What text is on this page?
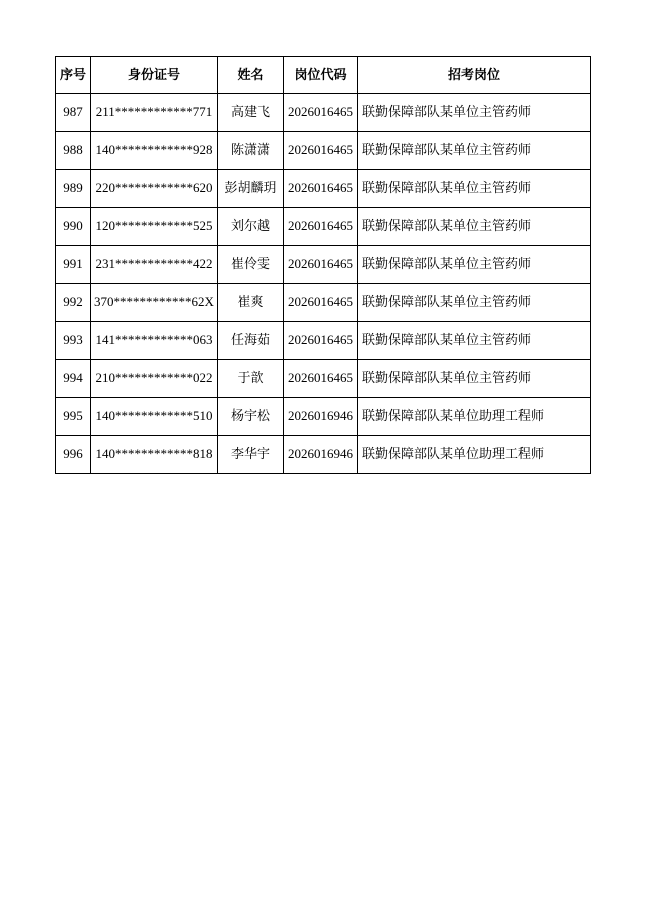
序号	身份证号	姓名	岗位代码	招考岗位
987	211************771	高建飞	2026016465	联勤保障部队某单位主管药师
988	140************928	陈潇潇	2026016465	联勤保障部队某单位主管药师
989	220************620	彭胡麟玥	2026016465	联勤保障部队某单位主管药师
990	120************525	刘尔越	2026016465	联勤保障部队某单位主管药师
991	231************422	崔伶雯	2026016465	联勤保障部队某单位主管药师
992	370************62X	崔爽	2026016465	联勤保障部队某单位主管药师
993	141************063	任海茹	2026016465	联勤保障部队某单位主管药师
994	210************022	于歆	2026016465	联勤保障部队某单位主管药师
995	140************510	杨宇松	2026016946	联勤保障部队某单位助理工程师
996	140************818	李华宇	2026016946	联勤保障部队某单位助理工程师
